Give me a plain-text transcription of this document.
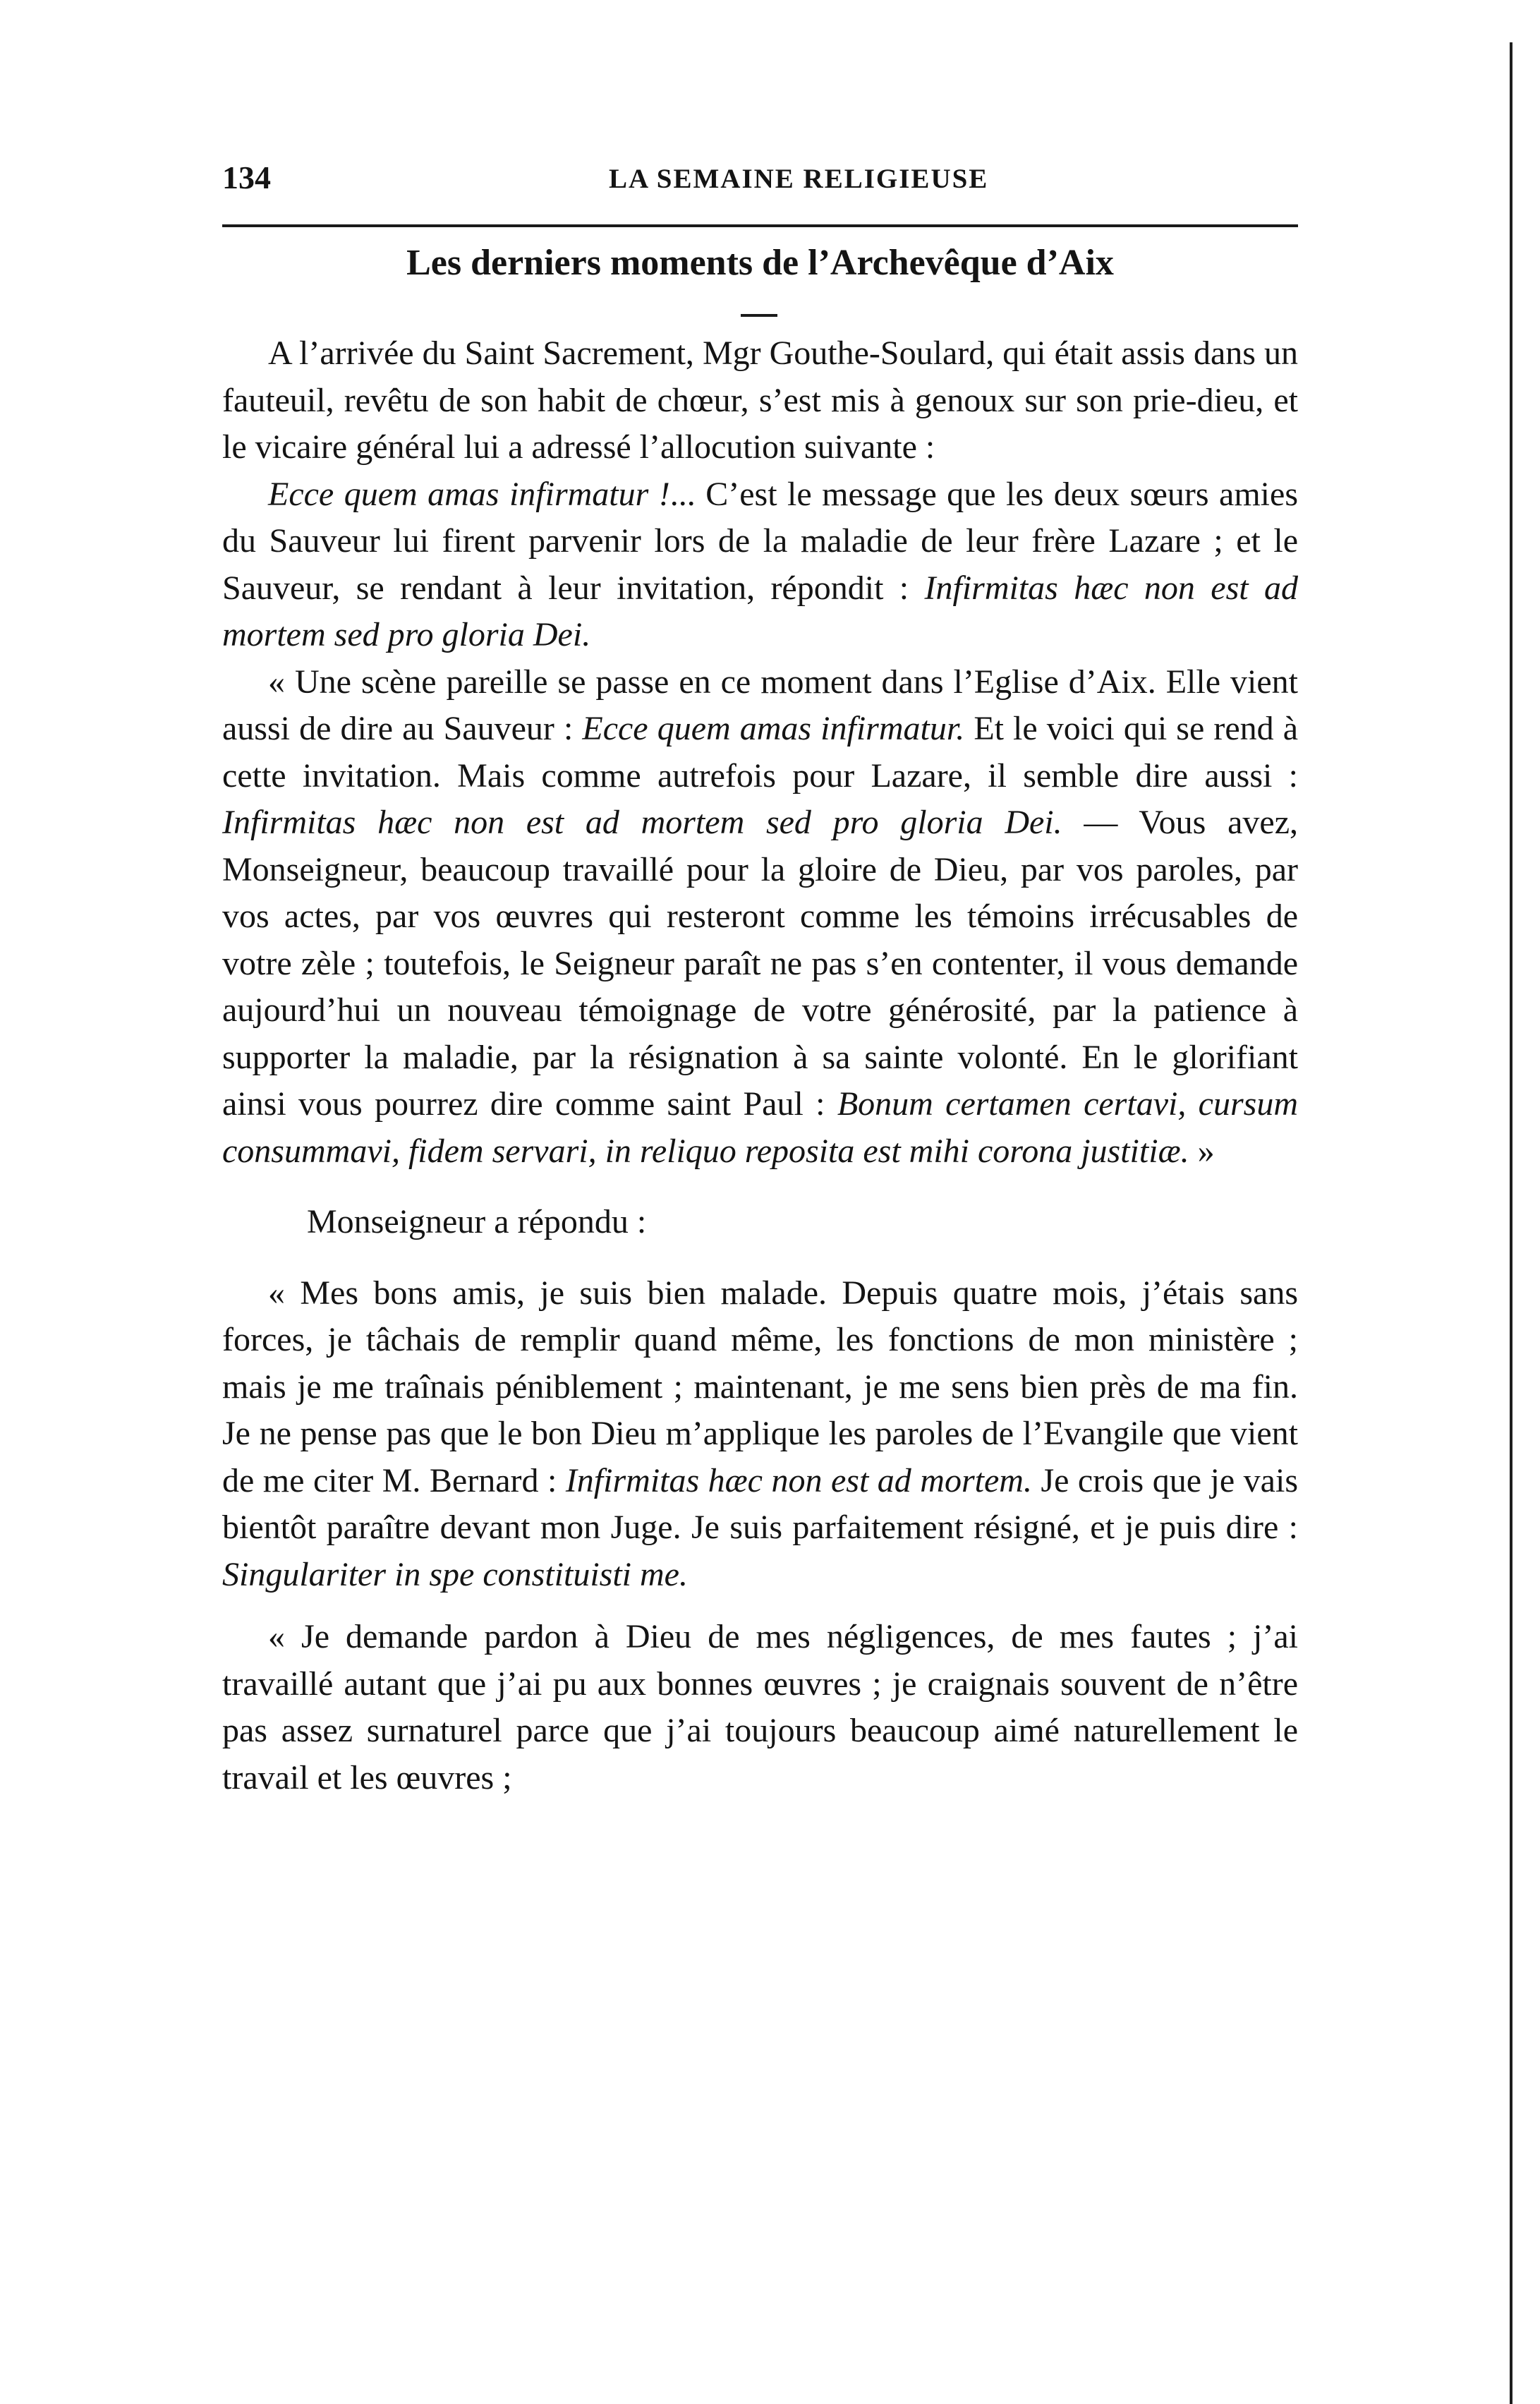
134	LA SEMAINE RELIGIEUSE
Les derniers moments de l’Archevêque d’Aix

A l’arrivée du Saint Sacrement, Mgr Gouthe-Soulard, qui était assis dans un fauteuil, revêtu de son habit de chœur, s’est mis à genoux sur son prie-dieu, et le vicaire général lui a adressé l’allocution suivante :

Ecce quem amas infirmatur !... C’est le message que les deux sœurs amies du Sauveur lui firent parvenir lors de la maladie de leur frère Lazare ; et le Sauveur, se rendant à leur invitation, répondit : Infirmitas hæc non est ad mortem sed pro gloria Dei.

« Une scène pareille se passe en ce moment dans l’Eglise d’Aix. Elle vient aussi de dire au Sauveur : Ecce quem amas infirmatur. Et le voici qui se rend à cette invitation. Mais comme autrefois pour Lazare, il semble dire aussi : Infirmitas hæc non est ad mortem sed pro gloria Dei. — Vous avez, Monseigneur, beaucoup travaillé pour la gloire de Dieu, par vos paroles, par vos actes, par vos œuvres qui resteront comme les témoins irrécusables de votre zèle ; toutefois, le Seigneur paraît ne pas s’en contenter, il vous demande aujourd’hui un nouveau témoignage de votre générosité, par la patience à supporter la maladie, par la résignation à sa sainte volonté. En le glorifiant ainsi vous pourrez dire comme saint Paul : Bonum certamen certavi, cursum consummavi, fidem servari, in reliquo reposita est mihi corona justitiæ. »

Monseigneur a répondu :

« Mes bons amis, je suis bien malade. Depuis quatre mois, j’étais sans forces, je tâchais de remplir quand même, les fonctions de mon ministère ; mais je me traînais péniblement ; maintenant, je me sens bien près de ma fin. Je ne pense pas que le bon Dieu m’applique les paroles de l’Evangile que vient de me citer M. Bernard : Infirmitas hæc non est ad mortem. Je crois que je vais bientôt paraître devant mon Juge. Je suis parfaitement résigné, et je puis dire : Singulariter in spe constituisti me.

« Je demande pardon à Dieu de mes négligences, de mes fautes ; j’ai travaillé autant que j’ai pu aux bonnes œuvres ; je craignais souvent de n’être pas assez surnaturel parce que j’ai toujours beaucoup aimé naturellement le travail et les œuvres ;
